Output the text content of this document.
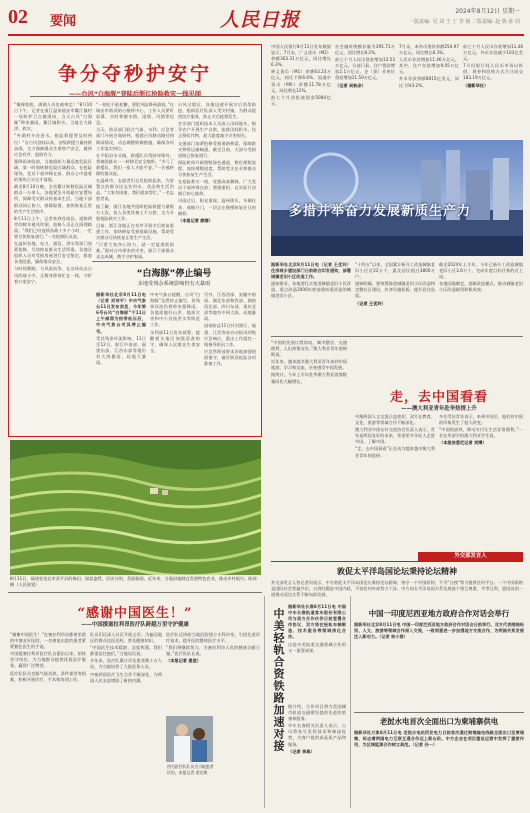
02 要闻	人民日报	2024年8月12日 星期一
一版责编: 吴 刘 王 丁 李 杨 二版责编: 赵 陈 孙 周
争分夺秒护安宁
——台风“白海豚”登陆后浙江抢险救灾一线见闻

“像裸装般、满满人员也被带走！”8月10日下午，记者在浙江温州瓯安市鳌江镇村一处防护卫点做现场，当天台风“白海豚”带来暴雨，鳌江镇积水，当地全力排涝、救灾。

“外湖村多处进水，抢险救援要及时到位！”自台风登陆以来，各级救援力量持续奋战，全力保障群众生命财产安全，做到应急有序、组织有力。

强降雨来临前，当地组织力量巡查危险区域，第一时间转移危险区域群众。在抢险现场，党员干部冲锋在前，群众心中悬着的那块石头这才落地。

截至8月10日晚，全省累计转移危险区域群众一万余人，各地紧急开放避灾安置场所，保障受灾群众的基本生活。当地干部群众同心协力，排除险情，加快恢复正常的生产生活秩序。

8月11日上午，记者来到苍南县，道路两旁的树木被风吹倒，抢修人员正在清理路面。“我们已经连续奋战十多个小时，一定要尽快恢复通行。”一名抢修队员说。

在温州各地，电力、通信、供水等部门加紧抢修，尽快恢复群众生活所需。各地还组织人员对受损房屋进行安全鉴定，排查各类隐患，确保群众安全。

与时间赛跑，与风雨抗争。在这场抗击台风的战斗中，无数身影奔忙在一线，守护着万家安宁。

“一刻也不能松懈，要把风险降到最低。”在瑞安市防汛防台指挥中心，工作人员紧盯屏幕，实时掌握水情、雨情、风情等信息。

当天，防汛部门联合气象、水利、应急等部门开展会商研判，根据台风移动路径和降雨情况，动态调整防御措施，确保各项工作落实到位。

在平阳县水头镇，救援队员驾驶冲锋舟，将被困群众一一转移至安全地带。“多亏了救援队，我们一家人才能平安。”一名被转移的群众说。

在温岭市，志愿者们自发组织起来，为安置点的群众送去饮用水、食品和生活用品。“大家有困难，我们就来帮忙。”一名志愿者说。

据了解，浙江各地共组织抢险救援力量数万人次，投入各类设备上千台套，全力开展抢险救灾工作。

目前，浙江各地正在有序开展灾后恢复重建工作，加快修复受损基础设施，帮助受灾群众尽快恢复正常生产生活。

“只要大家齐心协力，就一定能战胜困难。”面对台风带来的灾害，浙江干部群众众志成城，携手守护家园。

台风过境后，各地迅速开展灾后消杀防疫，组织医疗队深入受灾村镇，为群众提供医疗服务，防止灾后疫情发生。

农业部门组织技术人员深入田间地头，指导农户开展生产自救，抢排田间积水，扶正倒伏作物，最大限度减少灾害损失。

交通部门加紧抢修受损道路桥梁，保障救灾物资运输畅通。截至目前，大部分受损道路已恢复通行。

保险机构开辟理赔绿色通道，简化理赔流程，加快理赔进度，帮助受灾企业和群众尽快恢复生产生活。

在抢险救灾一线，党旗高高飘扬。广大党员干部冲锋在前、勇挑重担，以实际行动践行初心使命。

风雨过后，阳光重现。温州街头，车辆往来，商铺开门，一切正在慢慢恢复往日的模样。

（本报记者 顾春）

“白海豚”停止编号
多地受残余系统影响仍有大暴雨

据新华社北京8月11日电（记者 刘诗平）中央气象台11日发布消息，今年第6号台风“白海豚”于11日上午减弱为热带低压后，中央气象台对其停止编号。

受其残余环流影响，11日至12日，浙江中南部、福建东部、江西东部等地仍有大到暴雨，局地大暴雨。

中央气象台提醒，台风“白海豚”虽然停止编号，但残余环流仍将带来强降雨，各地需做好山洪、地质灾害和中小河流洪水等防范工作。

水利部11日发布预警，提醒相关地区加强巡查防守，确保人民群众生命安全。

另外，江西西部、安徽中南部、湖北东部和西部、湖南西北部、四川东部、重庆北部等地有中到大雨，局地暴雨。

国家防总11日针对浙江、福建、江西等省启动防汛四级应急响应，派出工作组赴一线指导防汛工作。

应急管理部要求各地加强值班值守，做好防汛抢险各项准备工作。

中国人民银行8月11日发布数据显示，7月末，广义货币（M2）余额303.31万亿元，同比增长6.3%。

狭义货币（M1）余额63.23万亿元，同比下降6.6%。流通中货币（M0）余额11.78万亿元，同比增长12%。

前七个月净投放现金5084亿元。

社会融资规模存量为395.71万亿元，同比增长8.2%。

前七个月人民币贷款增加13.53万亿元。分部门看，住户贷款增加2.1万亿元，企（事）业单位贷款增加11.59万亿元。

（记者 吴秋余）

7月末，本外币贷款余额254.97万亿元，同比增长8.3%。

人民币存款增加11.46万亿元。其中，住户存款增加9.05万亿元。

外币存款余额8015亿美元，同比下降3.2%。

前七个月人民币存款增加11.46万亿元，外币存款减少103亿美元。

7月份银行间人民币市场以拆借、现券和回购方式合计成交183.19万亿元。

（据新华社）

多措并举奋力发展新质生产力

据新华社北京8月11日电（记者 王优玲）住房城乡建设部门日前联合印发通知，部署城镇老旧小区改造工作。

通知要求，各地要扎实推进城镇老旧小区改造，重点改造2000年底前建成需改造的城镇老旧小区。

“十四五”以来，全国累计新开工改造城镇老旧小区近22万个，惠及居民超过3800万户。

通知明确，要统筹推进城镇老旧小区改造和完整社区建设，补齐设施短板，提升居住品质。

（记者 王优玲）

截至2024年上半年，今年已新开工改造城镇老旧小区3.6万个，完成年度目标任务的近七成。

各地因地制宜，创新改造模式，推动城镇老旧小区改造取得积极成效。

“中国的发展让我惊叹，城市整洁、交通便利，人们热情友好。”澳大利亚青年詹姆斯说。

近年来，越来越多澳大利亚青年来到中国旅游、学习和交流，亲身感受中国发展。

据统计，今年上半年赴华澳大利亚游客数量同比大幅增长。

走，去中国看看
——澳大利亚青年赴华热情上升

中澳两国人文交流日益密切，双方在教育、文化、旅游等领域合作不断深化。

澳大利亚中国友好交流协会负责人表示，青年是两国友好的未来，希望更多年轻人走进中国、了解中国。

“走，去中国看看”正在成为越来越多澳大利亚青年的选择。

多位受访青年表示，来到中国后，他们对中国的印象发生了很大改变。

“中国的高铁、移动支付让生活非常便利。”一名在华留学的澳大利亚学生说。

（本报驻悉尼记者 刘博）

外交部发言人
敦促太平洋岛国论坛秉持论坛精神

外交部发言人答记者问表示，中方敦促太平洋岛国论坛秉持论坛精神，恪守一个中国原则，不为“台独”势力提供任何平台。一个中国原则是国际社会普遍共识，台湾问题是中国内政，不容任何外部势力干涉。中方同太平洋岛国关系发展基于相互尊重、平等互利，愿同岛国一道推动双边关系不断向前发展。

8月11日，福建省龙岩市武平县的梯田，绿意盎然，层次分明，美丽如画。近年来，当地因地制宜发展特色农业，推动乡村振兴。陈伟 摄（人民视觉）
“感谢中国医生！”
——中国援塞拉利昂医疗队跨越万里守护健康

“谢谢中国医生！”在塞拉利昂首都弗里敦的中塞友好医院，一名康复出院的患者紧紧握住医生的手说。

中国援塞拉利昂医疗队自派出以来，始终坚守岗位，为当地群众提供优质医疗服务，赢得广泛赞誉。

医疗队队员克服气候炎热、条件艰苦等困难，积极开展诊疗、手术和培训工作。

队员们还深入社区开展义诊，为偏远地区的群众送医送药，普及健康知识。

“中国医生技术精湛、态度和蔼，我们都很信任他们。”当地居民说。

多年来，医疗队累计诊治患者数十万人次，为当地培养了大批医务人员。

中塞两国医疗卫生合作不断深化，为两国人民友谊增添了新的内涵。

医疗队还协助当地医院建立专科诊室，引进先进诊疗技术，提升医院整体医疗水平。

“我们将继续努力，为塞拉利昂人民的健康贡献力量。”医疗队队长说。

（本报记者 姜宣）

图为医疗队队员为当地患者诊治。本报记者 姜宣摄
中美轻轨合资铁路加速对接

据新华社长春8月11日电 中国中车长春轨道客车股份有限公司与美方合作伙伴日前签署合作协议，双方将在轻轨车辆制造、技术服务等领域深化合作。

这是中美轨道交通领域合作的又一重要成果。

据介绍，合作项目将为美国城市轨道交通建设提供先进的装备和服务。

中车长客相关负责人表示，公司将充分发挥技术和制造优势，为客户提供高品质产品和服务。

（记者 李典）

中国一印度尼西亚地方政府合作对话会举行

据新华社北京8月11日电 中国一印度尼西亚地方政府合作对话会日前举行。双方代表围绕经贸、人文、旅游等领域合作深入交流，一致同意进一步加强地方交流合作，为两国关系发展注入新动力。（记者 林小春）

老挝水电首次全面出口为柬埔寨供电

据新华社万象8月11日电 老挝水电站所发电力日前首次通过跨境输电线路全面出口至柬埔寨，标志着两国电力互联互通合作迈上新台阶。中方企业在项目建设运营中发挥了重要作用，为区域能源合作树立典范。（记者 孙一）
